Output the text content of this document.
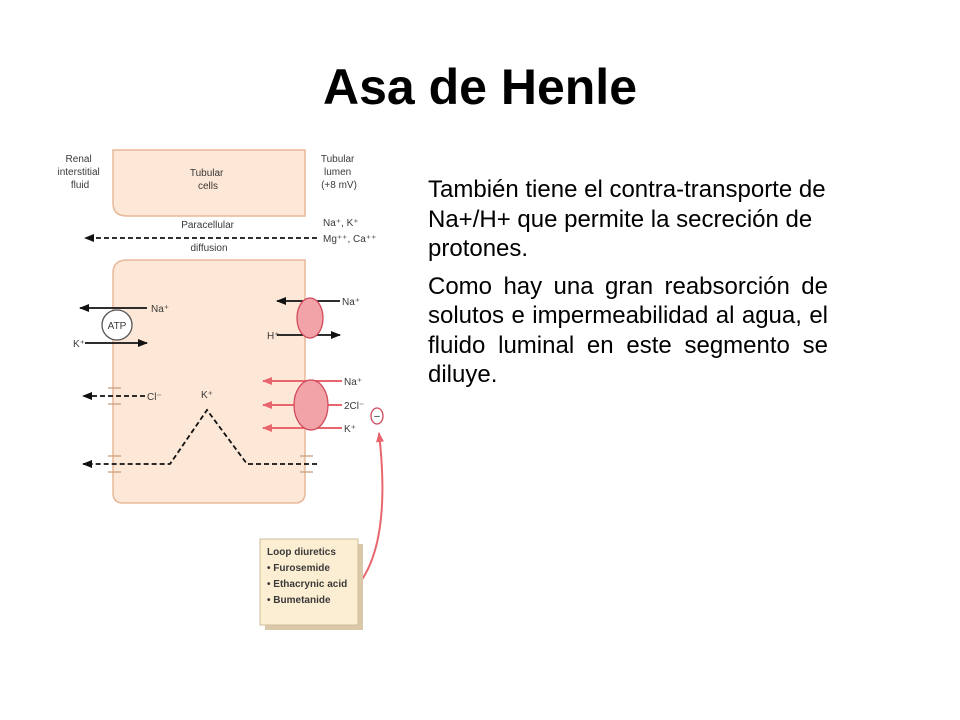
Asa de Henle
Renal interstitial fluid
Tubular cells
Tubular lumen (+8 mV)
Na⁺, K⁺
Mg⁺⁺, Ca⁺⁺
Paracellular diffusion
ATP
Na⁺
K⁺
Cl⁻	K⁺
Na⁺
H⁺
Na⁺
2Cl⁻
K⁺
−
Loop diuretics
• Furosemide
• Ethacrynic acid
• Bumetanide

También tiene el contra-transporte de Na+/H+ que permite la secreción de protones.

Como hay una gran reabsorción de solutos e impermeabilidad al agua, el fluido luminal en este segmento se diluye.
